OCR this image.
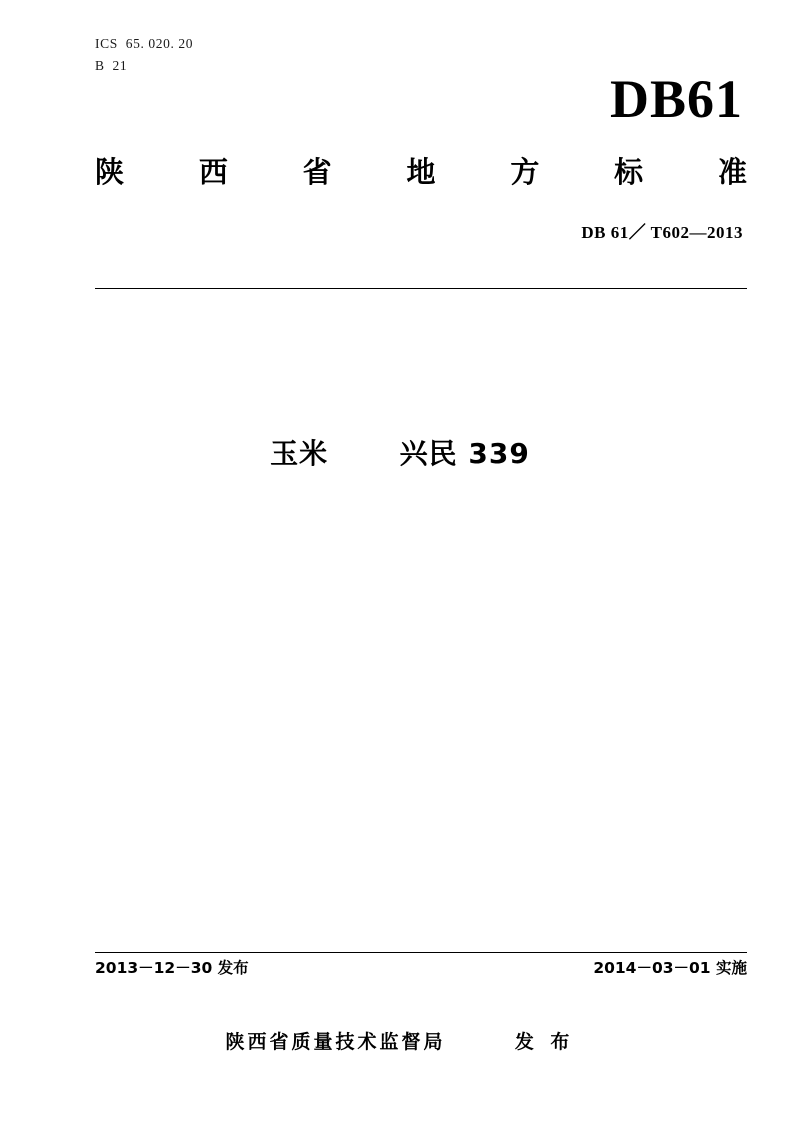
ICS  65. 020. 20
B  21
DB61
陕	西	省	地	方	标	准
DB 61／ T602—2013
玉米	兴民 339
2013－12－30 发布	2014－03－01 实施
陕西省质量技术监督局	发 布
